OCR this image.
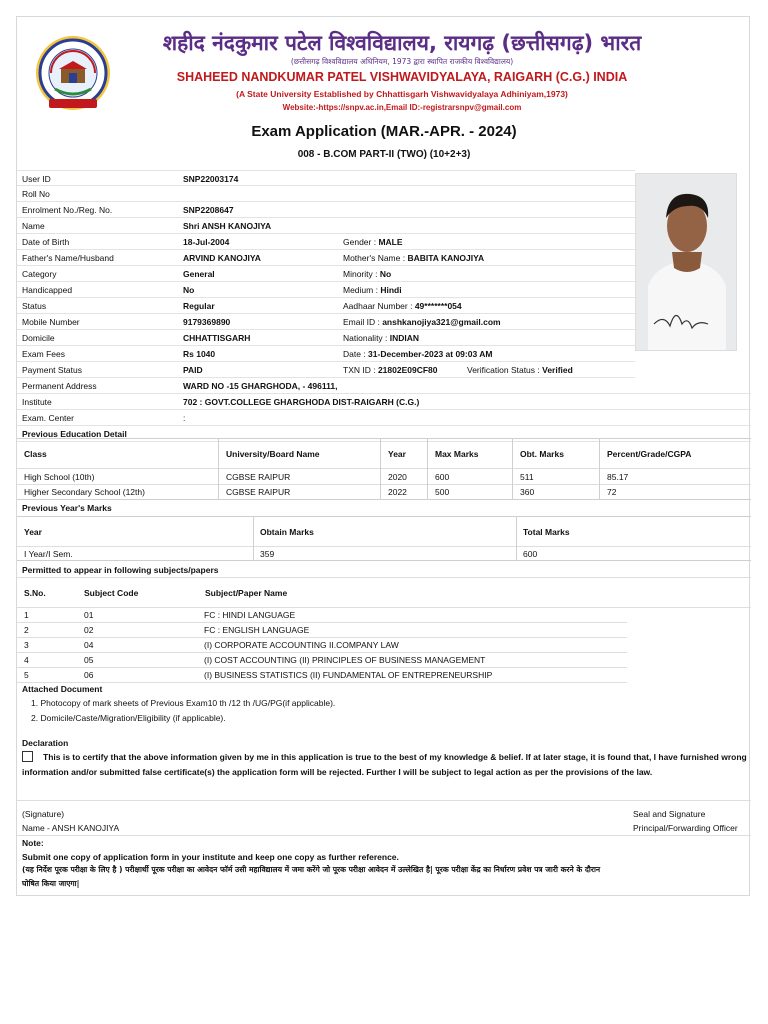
शहीद नंदकुमार पटेल विश्वविद्यालय, रायगढ़ (छत्तीसगढ़) भारत
(छत्तीसगढ़ विश्वविद्यालय अधिनियम, 1973 द्वारा स्थापित राजकीय विश्वविद्यालय)
SHAHEED NANDKUMAR PATEL VISHWAVIDYALAYA, RAIGARH (C.G.) INDIA
(A State University Established by Chhattisgarh Vishwavidyalaya Adhiniyam,1973)
Website:-https://snpv.ac.in,Email ID:-registrarsnpv@gmail.com
Exam Application (MAR.-APR. - 2024)
008 - B.COM PART-II (TWO) (10+2+3)
User ID	SNP22003174
Roll No
Enrolment No./Reg. No.	SNP2208647
Name	Shri ANSH KANOJIYA
Date of Birth	18-Jul-2004	Gender : MALE
Father's Name/Husband	ARVIND KANOJIYA	Mother's Name : BABITA KANOJIYA
Category	General	Minority : No
Handicapped	No	Medium : Hindi
Status	Regular	Aadhaar Number : 49*******054
Mobile Number	9179369890	Email ID : anshkanojiya321@gmail.com
Domicile	CHHATTISGARH	Nationality : INDIAN
Exam Fees	Rs 1040	Date : 31-December-2023 at 09:03 AM
Payment Status	PAID	TXN ID : 21802E09CF80	Verification Status : Verified
Permanent Address	WARD NO -15 GHARGHODA, - 496111,
Institute	702 : GOVT.COLLEGE GHARGHODA DIST-RAIGARH (C.G.)
Exam. Center	:
Previous Education Detail
Class	University/Board Name	Year	Max Marks	Obt. Marks	Percent/Grade/CGPA
High School (10th)	CGBSE RAIPUR	2020	600	511	85.17
Higher Secondary School (12th)	CGBSE RAIPUR	2022	500	360	72
Previous Year's Marks
Year	Obtain Marks	Total Marks
I Year/I Sem.	359	600
Permitted to appear in following subjects/papers
S.No.	Subject Code	Subject/Paper Name
1	01	FC : HINDI LANGUAGE
2	02	FC : ENGLISH LANGUAGE
3	04	(I) CORPORATE ACCOUNTING II.COMPANY LAW
4	05	(I) COST ACCOUNTING (II) PRINCIPLES OF BUSINESS MANAGEMENT
5	06	(I) BUSINESS STATISTICS (II) FUNDAMENTAL OF ENTREPRENEURSHIP
Attached Document
1. Photocopy of mark sheets of Previous Exam10 th /12 th /UG/PG(if applicable).
2. Domicile/Caste/Migration/Eligibility (if applicable).
Declaration
This is to certify that the above information given by me in this application is true to the best of my knowledge & belief. If at later stage, it is found that, I have furnished wrong information and/or submitted false certificate(s) the application form will be rejected. Further I will be subject to legal action as per the provisions of the law.
(Signature)
Name - ANSH KANOJIYA
Seal and Signature
Principal/Forwarding Officer
Note:
Submit one copy of application form in your institute and keep one copy as further reference.
(यह निर्देश पूरक परीक्षा के लिए है ) परीक्षार्थी पूरक परीक्षा का आवेदन फॉर्म उसी महाविद्यालय में जमा करेंगे जो पूरक परीक्षा आवेदन में उल्लेखित है| पूरक परीक्षा केंद्र का निर्धारण प्रवेश पत्र जारी करने के दौरान
घोषित किया जाएगा|
